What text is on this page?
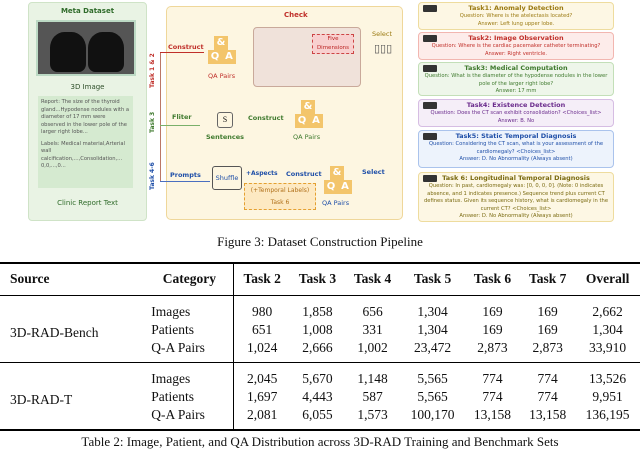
Meta Dataset
3D Image
Clinic Report Text
Report: The size of the thyroid gland...Hypodense nodules with a diameter of 17 mm were observed in the lower pole of the larger right lobe...
Labels: Medical material,Arterial wall calcification,...,Consolidation,... 0,0,...,0...
Task 1 & 2
Task 3
Task 4-6
Check
Five Dimensions
Construct &
Q A
QA Pairs
Select
▯▯▯
Fliter	S
Sentences
Construct
&
Q A
QA Pairs
Prompts	Shuffle
+Aspects Construct
(+Temporal Labels)
Task 6
&
Q A
QA Pairs
Select
Task1: Anomaly Detection
Question: Where is the atelectasis located?
Answer: Left lung upper lobe.
Task2: Image Observation
Question: Where is the cardiac pacemaker catheter terminating?
Answer: Right ventricle.
Task3: Medical Computation
Question: What is the diameter of the hypodense nodules in the lower pole of the larger right lobe?
Answer: 17 mm
Task4: Existence Detection
Question: Does the CT scan exhibit consolidation? <Choices_list>
Answer: B. No
Task5: Static Temporal Diagnosis
Question: Considering the CT scan, what is your assessment of the cardiomegaly? <Choices_list>
Answer: D. No Abnormality (Always absent)
Task 6: Longitudinal Temporal Diagnosis
Question: In past, cardiomegaly was: [0, 0, 0, 0]. (Note: 0 indicates absence, and 1 indicates presence.) Sequence trend plus current CT defines status. Given its sequence history, what is cardiomegaly in the current CT? <Choices_list>
Answer: D. No Abnormality (Always absent)
Figure 3: Dataset Construction Pipeline
Source	Category	Task 2	Task 3	Task 4	Task 5	Task 6	Task 7	Overall
3D-RAD-Bench	Images	980	1,858	656	1,304	169	169	2,662
	Patients	651	1,008	331	1,304	169	169	1,304
	Q-A Pairs	1,024	2,666	1,002	23,472	2,873	2,873	33,910
3D-RAD-T	Images	2,045	5,670	1,148	5,565	774	774	13,526
	Patients	1,697	4,443	587	5,565	774	774	9,951
	Q-A Pairs	2,081	6,055	1,573	100,170	13,158	13,158	136,195
Table 2: Image, Patient, and QA Distribution across 3D-RAD Training and Benchmark Sets
